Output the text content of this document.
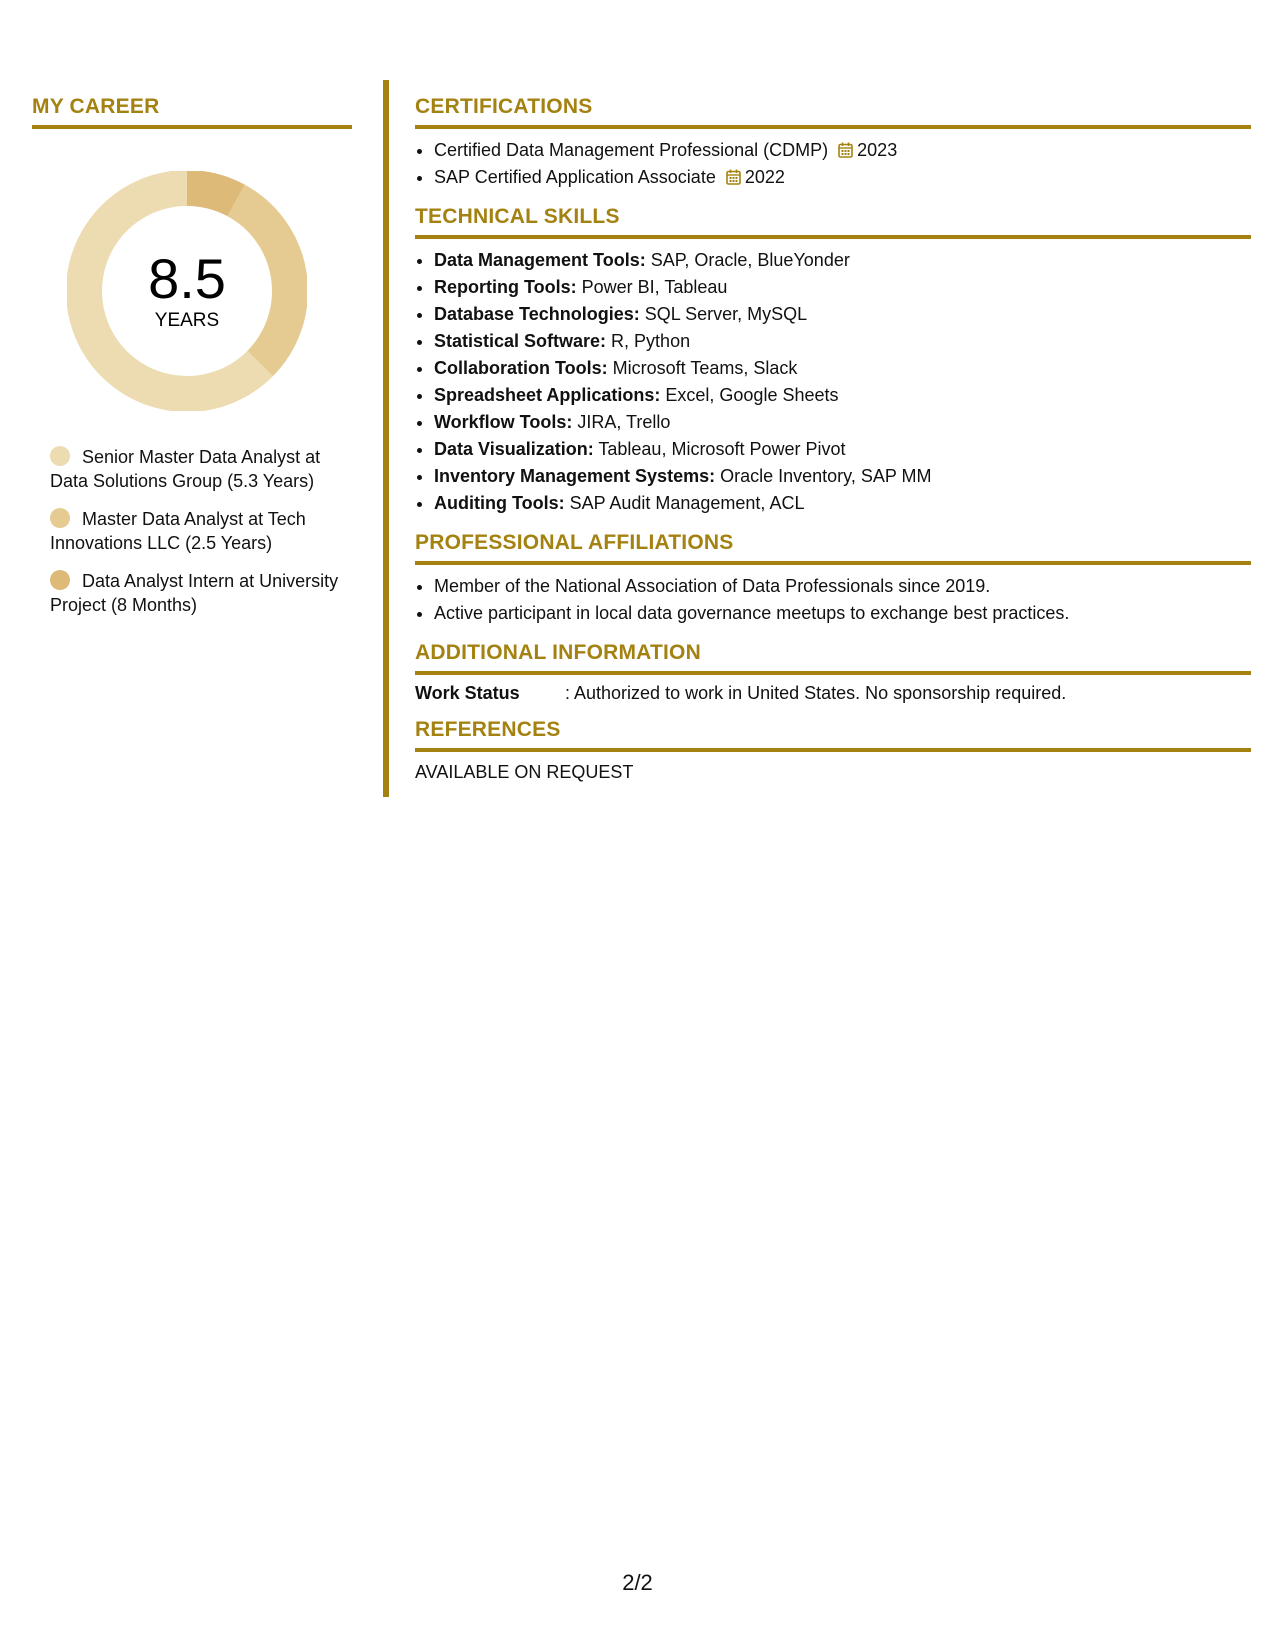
MY CAREER
8.5
YEARS
Senior Master Data Analyst at Data Solutions Group (5.3 Years)
Master Data Analyst at Tech Innovations LLC (2.5 Years)
Data Analyst Intern at University Project (8 Months)
CERTIFICATIONS
• Certified Data Management Professional (CDMP) 2023
• SAP Certified Application Associate 2022
TECHNICAL SKILLS
• Data Management Tools: SAP, Oracle, BlueYonder
• Reporting Tools: Power BI, Tableau
• Database Technologies: SQL Server, MySQL
• Statistical Software: R, Python
• Collaboration Tools: Microsoft Teams, Slack
• Spreadsheet Applications: Excel, Google Sheets
• Workflow Tools: JIRA, Trello
• Data Visualization: Tableau, Microsoft Power Pivot
• Inventory Management Systems: Oracle Inventory, SAP MM
• Auditing Tools: SAP Audit Management, ACL
PROFESSIONAL AFFILIATIONS
• Member of the National Association of Data Professionals since 2019.
• Active participant in local data governance meetups to exchange best practices.
ADDITIONAL INFORMATION
Work Status	: Authorized to work in United States. No sponsorship required.
REFERENCES
AVAILABLE ON REQUEST
2/2
